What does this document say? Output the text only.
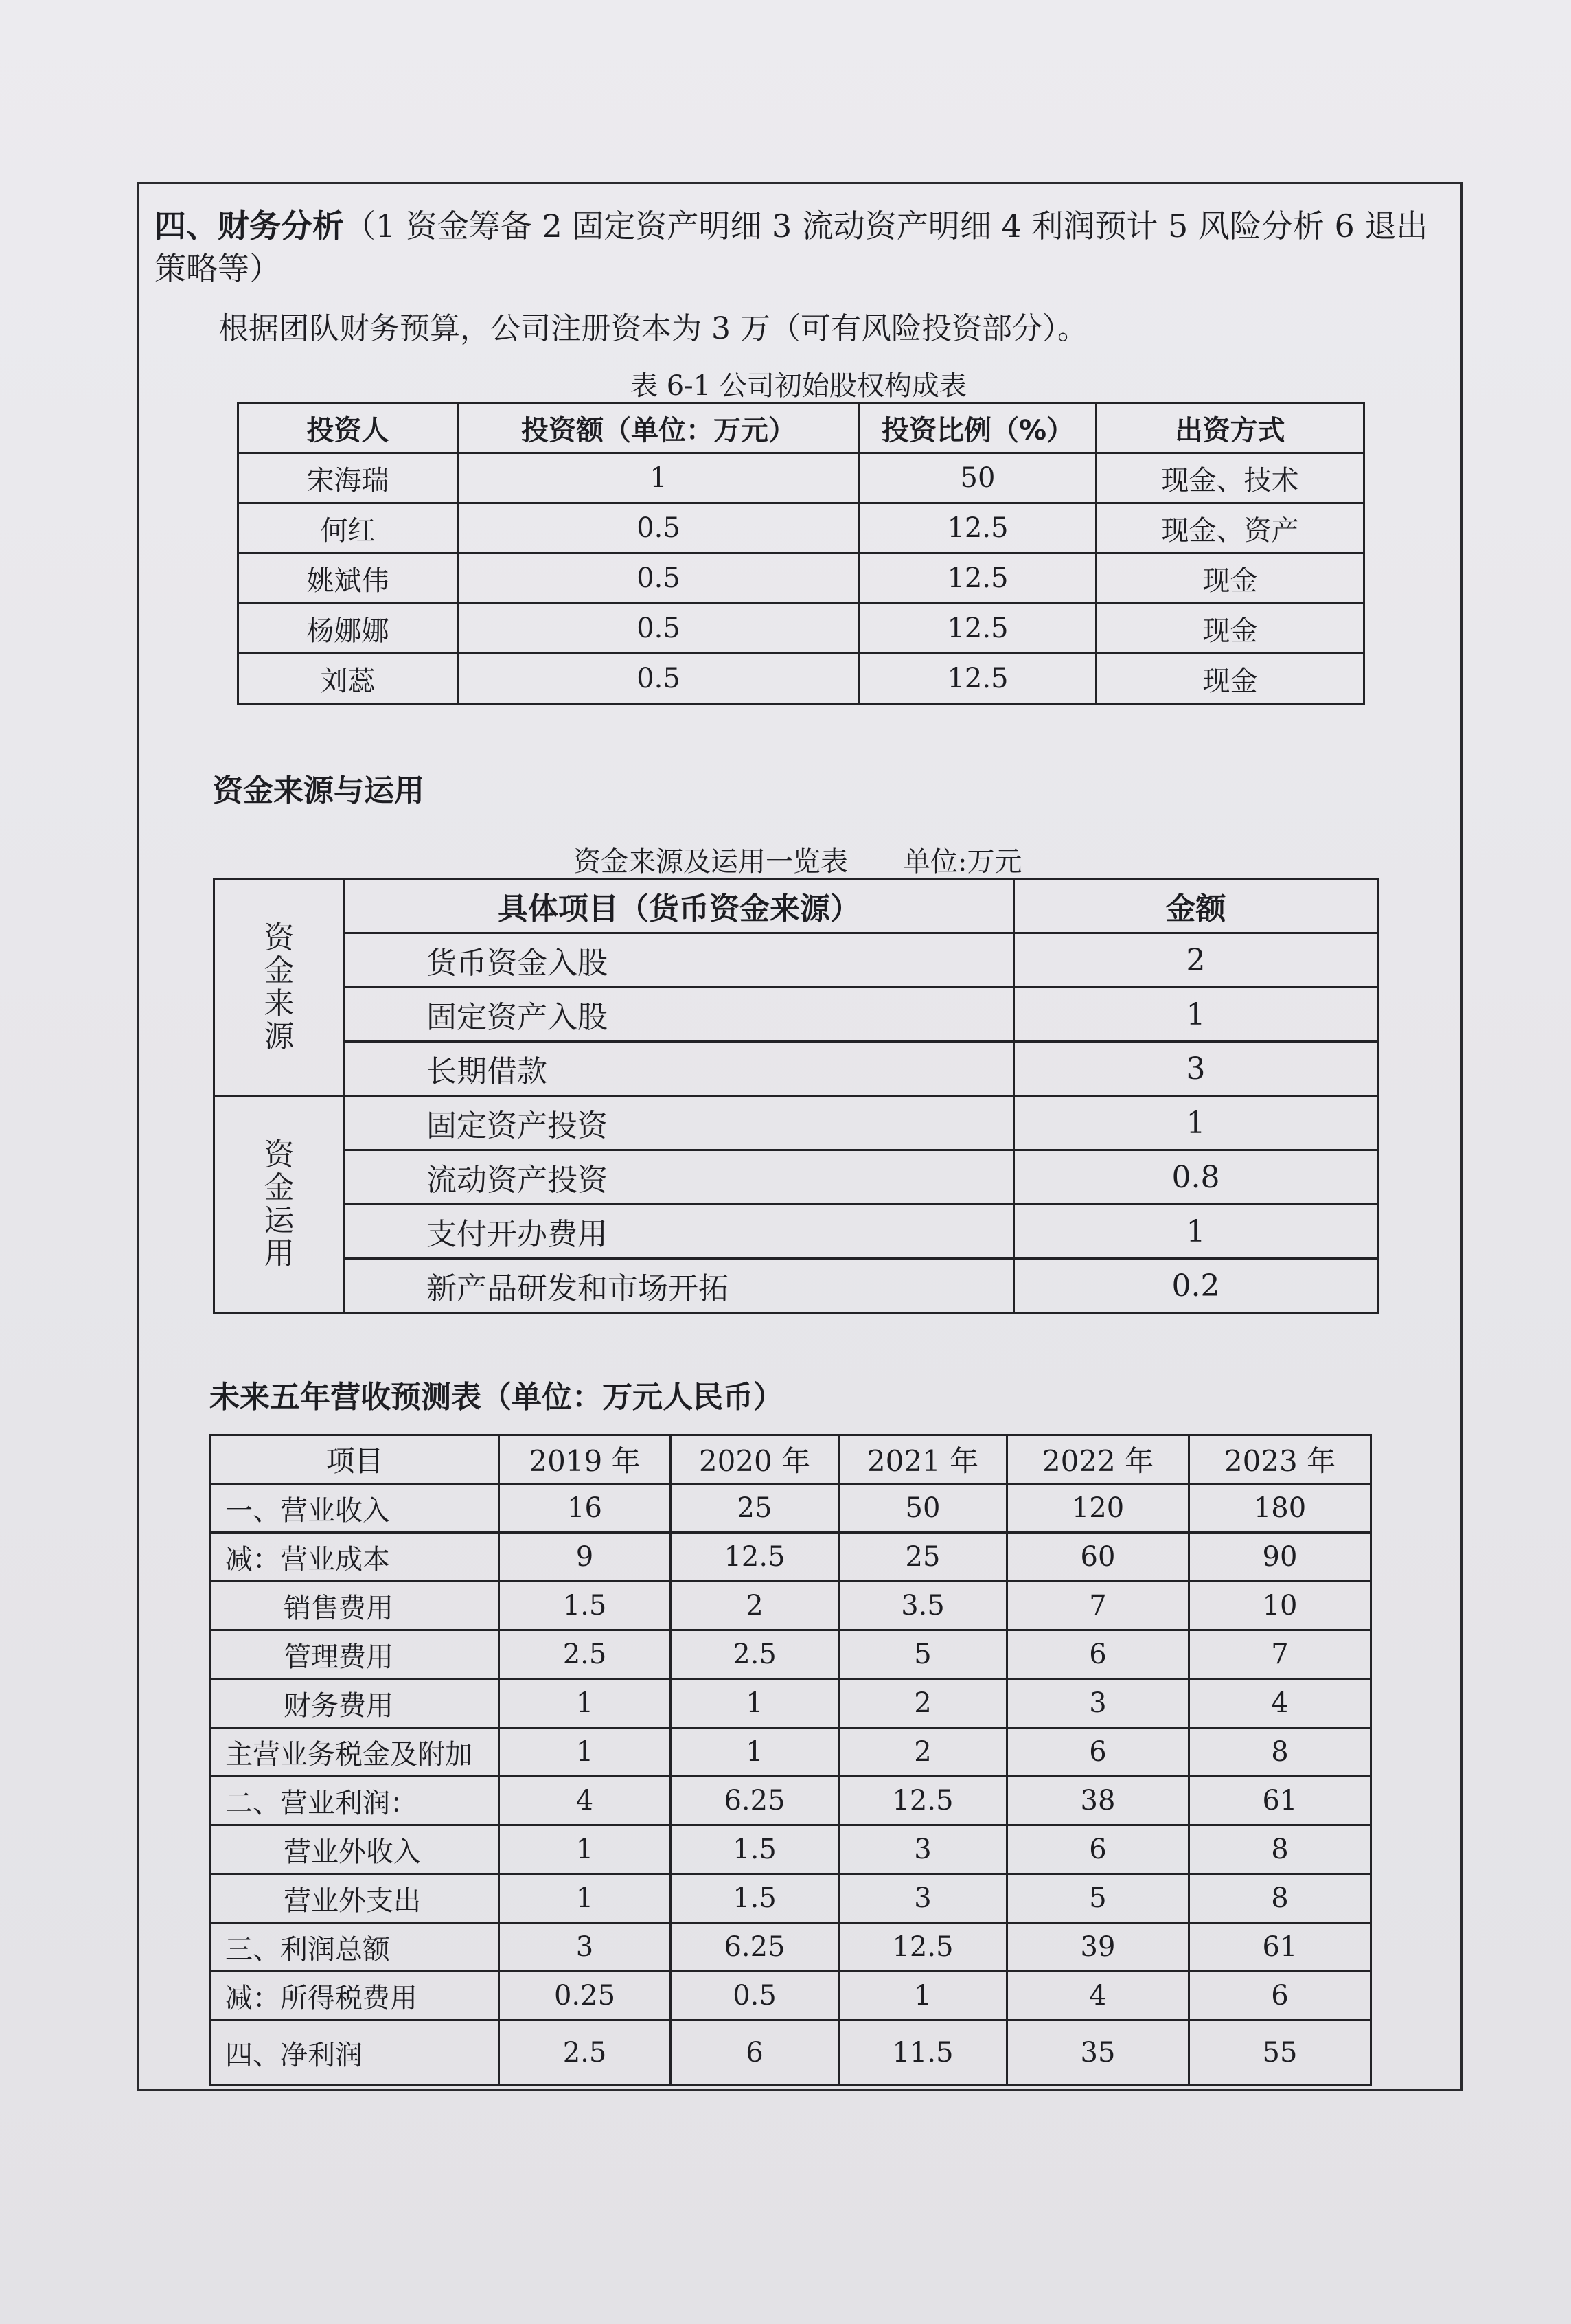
四、财务分析（1 资金筹备 2 固定资产明细 3 流动资产明细 4 利润预计 5 风险分析 6 退出策略等）

根据团队财务预算，公司注册资本为 3 万（可有风险投资部分）。

表 6-1 公司初始股权构成表

投资人	投资额（单位：万元）	投资比例（%）	出资方式
宋海瑞	1	50	现金、技术
何红	0.5	12.5	现金、资产
姚斌伟	0.5	12.5	现金
杨娜娜	0.5	12.5	现金
刘蕊	0.5	12.5	现金

资金来源与运用

资金来源及运用一览表　　单位:万元

资
金
来
源	具体项目（货币资金来源）	金额
	货币资金入股	2
	固定资产入股	1
	长期借款	3

资
金
运
用	固定资产投资	1
	流动资产投资	0.8
	支付开办费用	1
	新产品研发和市场开拓	0.2

未来五年营收预测表（单位：万元人民币）

项目	2019 年	2020 年	2021 年	2022 年	2023 年
一、营业收入	16	25	50	120	180
减：营业成本	9	12.5	25	60	90
销售费用	1.5	2	3.5	7	10
管理费用	2.5	2.5	5	6	7
财务费用	1	1	2	3	4
主营业务税金及附加	1	1	2	6	8
二、营业利润：	4	6.25	12.5	38	61
营业外收入	1	1.5	3	6	8
营业外支出	1	1.5	3	5	8
三、利润总额	3	6.25	12.5	39	61
减：所得税费用	0.25	0.5	1	4	6
四、净利润	2.5	6	11.5	35	55
